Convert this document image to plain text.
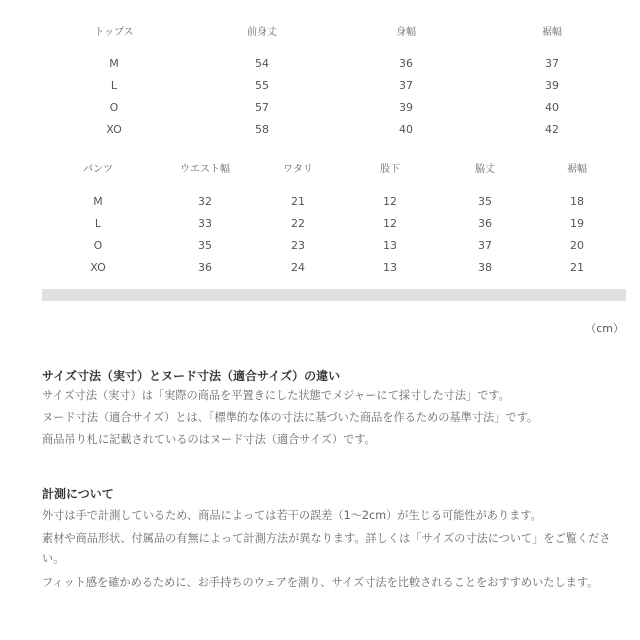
トップス	前身丈	身幅	裾幅
M	54	36	37
L	55	37	39
O	57	39	40
XO	58	40	42
パンツ	ウエスト幅	ワタリ	股下	脇丈	裾幅
M	32	21	12	35	18
L	33	22	12	36	19
O	35	23	13	37	20
XO	36	24	13	38	21
（cm）
サイズ寸法（実寸）とヌード寸法（適合サイズ）の違い
サイズ寸法（実寸）は「実際の商品を平置きにした状態でメジャーにて採寸した寸法」です。
ヌード寸法（適合サイズ）とは、「標準的な体の寸法に基づいた商品を作るための基準寸法」です。
商品吊り札に記載されているのはヌード寸法（適合サイズ）です。
計測について
外寸は手で計測しているため、商品によっては若干の誤差（1〜2cm）が生じる可能性があります。
素材や商品形状、付属品の有無によって計測方法が異なります。詳しくは「サイズの寸法について」をご覧ください。
フィット感を確かめるために、お手持ちのウェアを測り、サイズ寸法を比較されることをおすすめいたします。
